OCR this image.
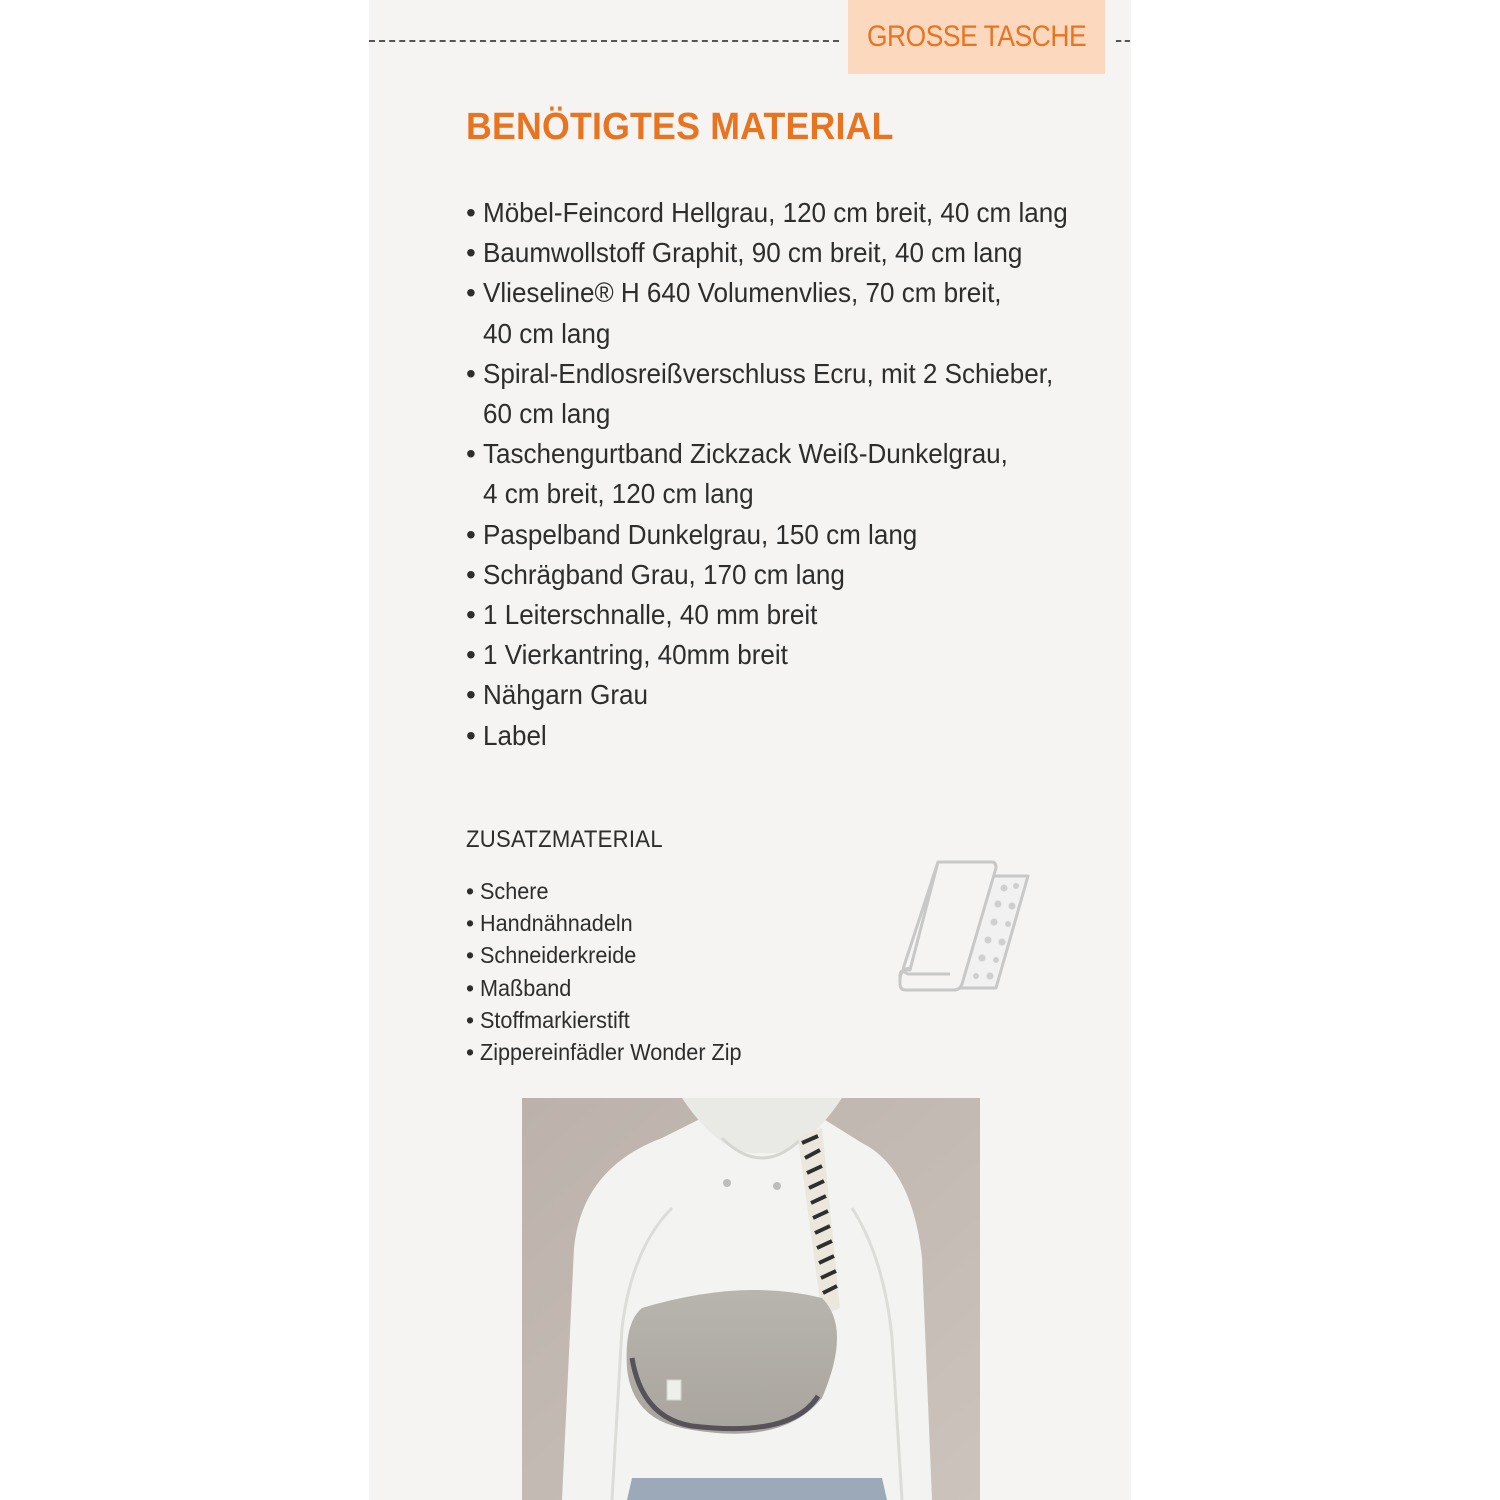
GROSSE TASCHE
BENÖTIGTES MATERIAL
• Möbel-Feincord Hellgrau, 120 cm breit, 40 cm lang
• Baumwollstoff Graphit, 90 cm breit, 40 cm lang
• Vlieseline® H 640 Volumenvlies, 70 cm breit,
40 cm lang
• Spiral-Endlosreißverschluss Ecru, mit 2 Schieber,
60 cm lang
• Taschengurtband Zickzack Weiß-Dunkelgrau,
4 cm breit, 120 cm lang
• Paspelband Dunkelgrau, 150 cm lang
• Schrägband Grau, 170 cm lang
• 1 Leiterschnalle, 40 mm breit
• 1 Vierkantring, 40mm breit
• Nähgarn Grau
• Label
ZUSATZMATERIAL
• Schere
• Handnähnadeln
• Schneiderkreide
• Maßband
• Stoffmarkierstift
• Zippereinfädler Wonder Zip
